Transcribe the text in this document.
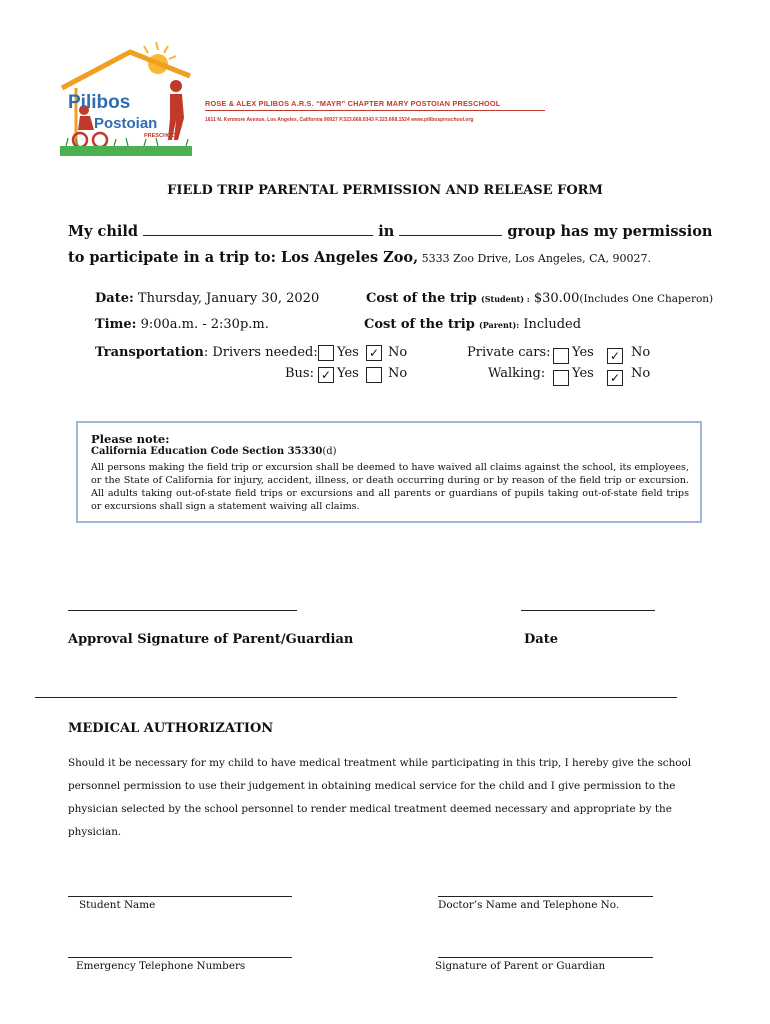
Pilibos
Postoian
PRESCHOOL
ROSE & ALEX PILIBOS A.R.S. “MAYR” CHAPTER MARY POSTOIAN PRESCHOOL
1611 N. Kenmore Avenue, Los Angeles, California 90027 P.323.668.0343 F.323.668.1524 www.pilibospreschool.org
FIELD TRIP PARENTAL PERMISSION AND RELEASE FORM
My child	in	group has my permission
to participate in a trip to: Los Angeles Zoo, 5333 Zoo Drive, Los Angeles, CA, 90027.
Date: Thursday, January 30, 2020
Time: 9:00a.m. - 2:30p.m.
Cost of the trip (Student) : $30.00(Includes One Chaperon)
Cost of the trip (Parent): Included
Transportation: Drivers needed: Yes ✓ No
Bus: ✓ Yes No
Private cars: Yes ✓ No
Walking: Yes ✓ No
Please note:
California Education Code Section 35330(d)
All persons making the field trip or excursion shall be deemed to have waived all claims against the school, its employees, or the State of California for injury, accident, illness, or death occurring during or by reason of the field trip or excursion. All adults taking out-of-state field trips or excursions and all parents or guardians of pupils taking out-of-state field trips or excursions shall sign a statement waiving all claims.
Approval Signature of Parent/Guardian	Date
MEDICAL AUTHORIZATION
Should it be necessary for my child to have medical treatment while participating in this trip, I hereby give the school personnel permission to use their judgement in obtaining medical service for the child and I give permission to the physician selected by the school personnel to render medical treatment deemed necessary and appropriate by the physician.
Student Name	Doctor’s Name and Telephone No.
Emergency Telephone Numbers	Signature of Parent or Guardian
